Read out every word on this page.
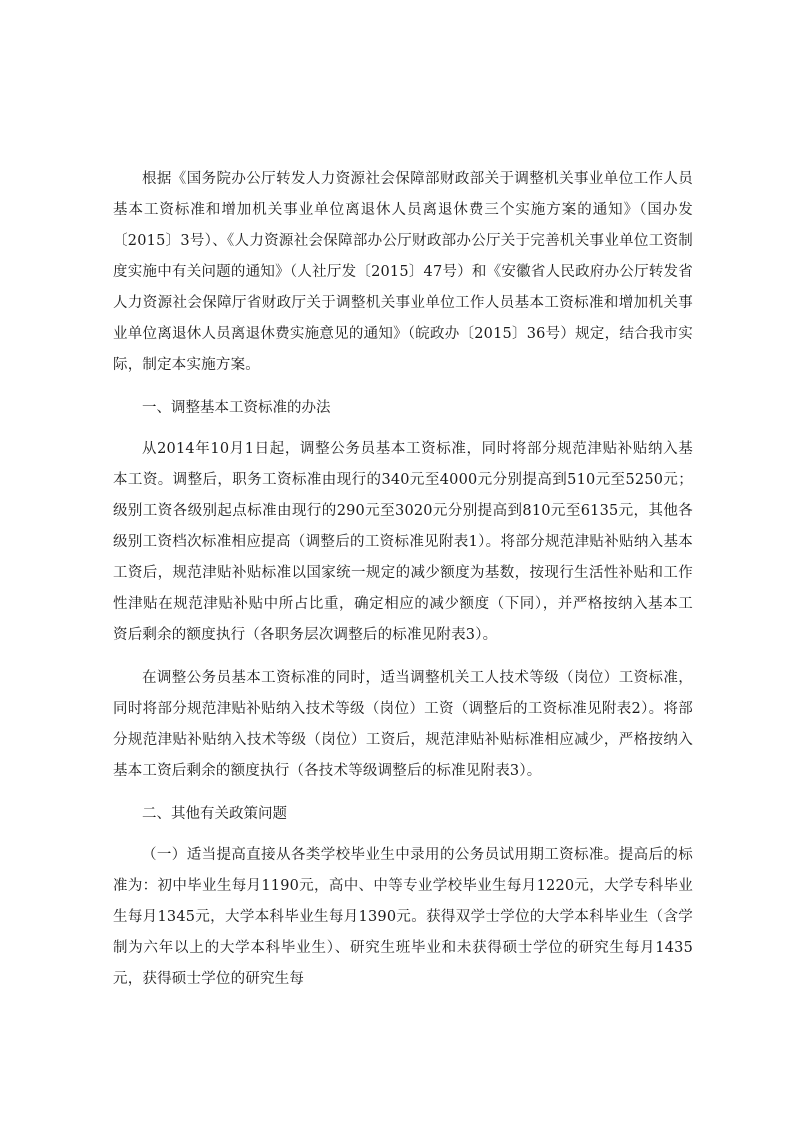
根据《国务院办公厅转发人力资源社会保障部财政部关于调整机关事业单位工作人员基本工资标准和增加机关事业单位离退休人员离退休费三个实施方案的通知》（国办发〔2015〕3号）、《人力资源社会保障部办公厅财政部办公厅关于完善机关事业单位工资制度实施中有关问题的通知》（人社厅发〔2015〕47号）和《安徽省人民政府办公厅转发省人力资源社会保障厅省财政厅关于调整机关事业单位工作人员基本工资标准和增加机关事业单位离退休人员离退休费实施意见的通知》（皖政办〔2015〕36号）规定，结合我市实际，制定本实施方案。

一、调整基本工资标准的办法

从2014年10月1日起，调整公务员基本工资标准，同时将部分规范津贴补贴纳入基本工资。调整后，职务工资标准由现行的340元至4000元分别提高到510元至5250元；级别工资各级别起点标准由现行的290元至3020元分别提高到810元至6135元，其他各级别工资档次标准相应提高（调整后的工资标准见附表1）。将部分规范津贴补贴纳入基本工资后，规范津贴补贴标准以国家统一规定的减少额度为基数，按现行生活性补贴和工作性津贴在规范津贴补贴中所占比重，确定相应的减少额度（下同），并严格按纳入基本工资后剩余的额度执行（各职务层次调整后的标准见附表3）。

在调整公务员基本工资标准的同时，适当调整机关工人技术等级（岗位）工资标准，同时将部分规范津贴补贴纳入技术等级（岗位）工资（调整后的工资标准见附表2）。将部分规范津贴补贴纳入技术等级（岗位）工资后，规范津贴补贴标准相应减少，严格按纳入基本工资后剩余的额度执行（各技术等级调整后的标准见附表3）。

二、其他有关政策问题

（一）适当提高直接从各类学校毕业生中录用的公务员试用期工资标准。提高后的标准为：初中毕业生每月1190元，高中、中等专业学校毕业生每月1220元，大学专科毕业生每月1345元，大学本科毕业生每月1390元。获得双学士学位的大学本科毕业生（含学制为六年以上的大学本科毕业生）、研究生班毕业和未获得硕士学位的研究生每月1435元，获得硕士学位的研究生每
